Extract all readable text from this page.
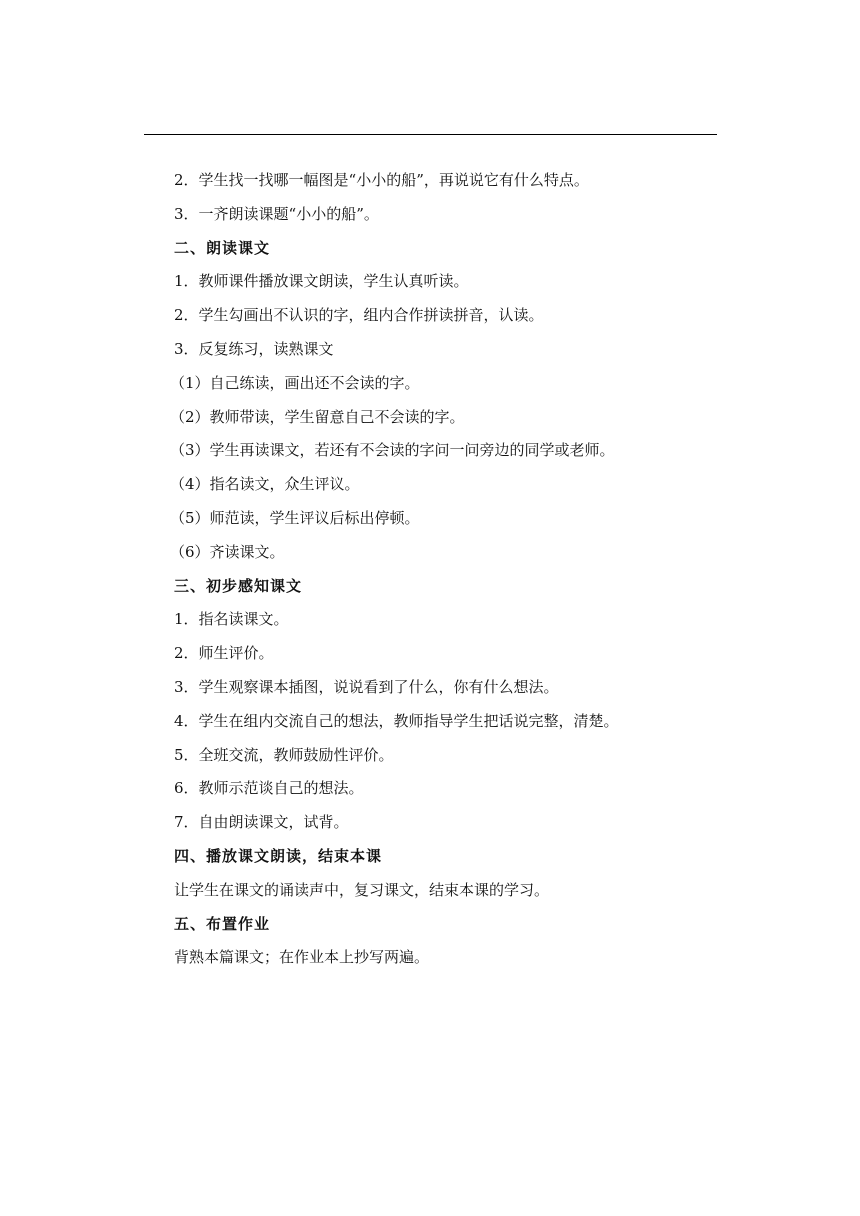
2．学生找一找哪一幅图是“小小的船”，再说说它有什么特点。
3．一齐朗读课题“小小的船”。
二、朗读课文
1．教师课件播放课文朗读，学生认真听读。
2．学生勾画出不认识的字，组内合作拼读拼音，认读。
3．反复练习，读熟课文
（1）自己练读，画出还不会读的字。
（2）教师带读，学生留意自己不会读的字。
（3）学生再读课文，若还有不会读的字问一问旁边的同学或老师。
（4）指名读文，众生评议。
（5）师范读，学生评议后标出停顿。
（6）齐读课文。
三、初步感知课文
1．指名读课文。
2．师生评价。
3．学生观察课本插图，说说看到了什么，你有什么想法。
4．学生在组内交流自己的想法，教师指导学生把话说完整，清楚。
5．全班交流，教师鼓励性评价。
6．教师示范谈自己的想法。
7．自由朗读课文，试背。
四、播放课文朗读，结束本课
让学生在课文的诵读声中，复习课文，结束本课的学习。
五、布置作业
背熟本篇课文；在作业本上抄写两遍。
